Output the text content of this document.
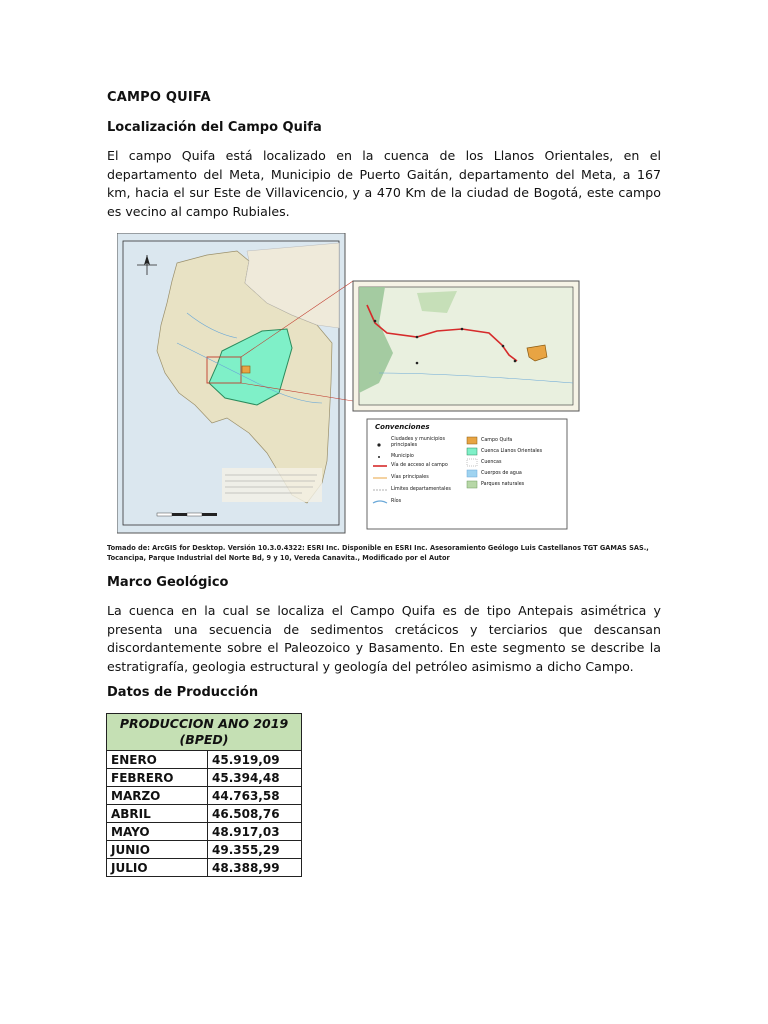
CAMPO QUIFA
Localización del Campo Quifa
El campo Quifa está localizado en la cuenca de los Llanos Orientales, en el departamento del Meta, Municipio de Puerto Gaitán, departamento del Meta, a 167 km, hacia el sur Este de Villavicencio, y a 470 Km de la ciudad de Bogotá, este campo es vecino al campo Rubiales.
Convenciones
Ciudades y municipios principales
Municipio
Vía de acceso al campo
Vías principales
Límites departamentales
Ríos
Campo Quifa
Cuenca Llanos Orientales
Cuencas
Cuerpos de agua
Parques naturales
Tomado de: ArcGIS for Desktop. Versión 10.3.0.4322: ESRI Inc. Disponible en ESRI Inc. Asesoramiento Geólogo Luis Castellanos TGT GAMAS SAS., Tocancipa, Parque Industrial del Norte Bd, 9 y 10, Vereda Canavita., Modificado por el Autor
Marco Geológico
La cuenca en la cual se localiza el Campo Quifa es de tipo Antepais asimétrica y presenta una secuencia de sedimentos cretácicos y terciarios que descansan discordantemente sobre el Paleozoico y Basamento. En este segmento se describe la estratigrafía, geologia estructural y geología del petróleo asimismo a dicho Campo.
Datos de Producción
PRODUCCION ANO 2019 (BPED)	
ENERO	45.919,09
FEBRERO	45.394,48
MARZO	44.763,58
ABRIL	46.508,76
MAYO	48.917,03
JUNIO	49.355,29
JULIO	48.388,99
